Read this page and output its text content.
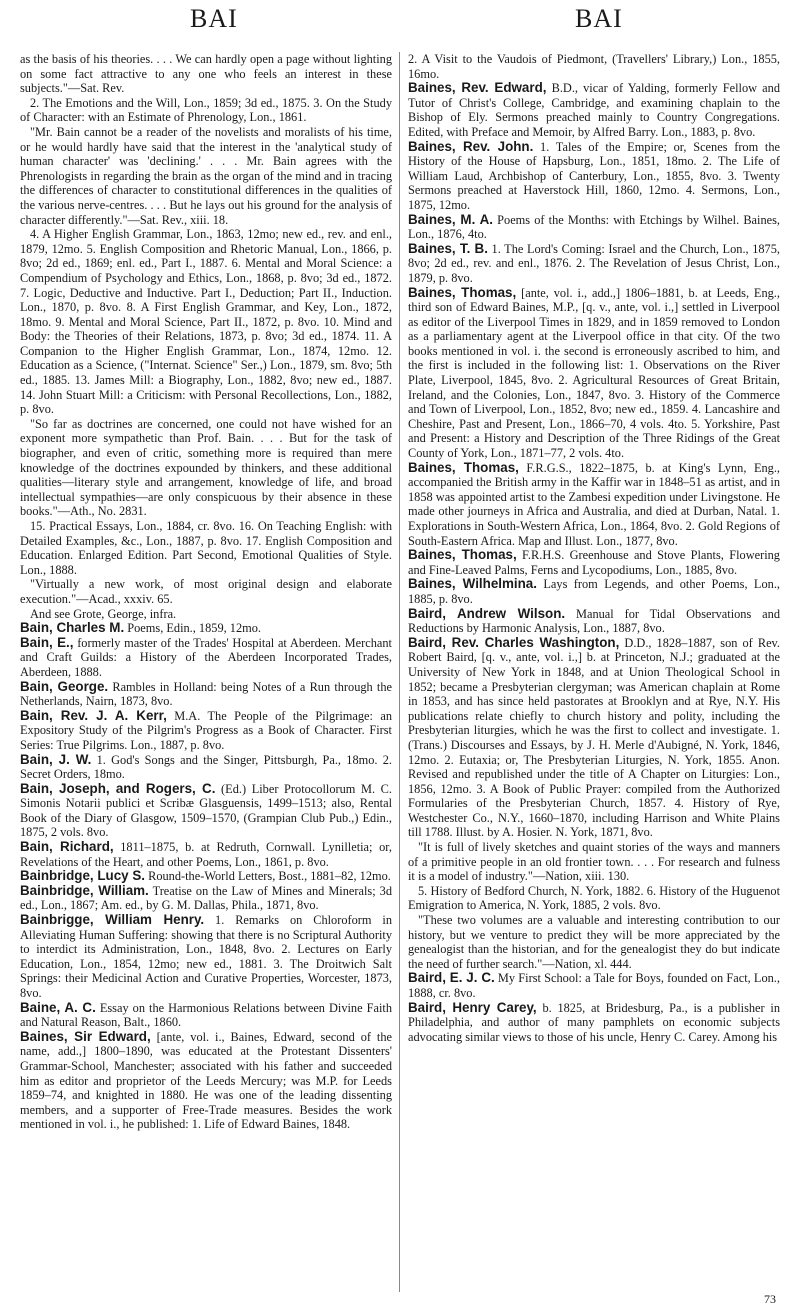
BAI	BAI

as the basis of his theories. . . . We can hardly open a page without lighting on some fact attractive to any one who feels an interest in these subjects."—Sat. Rev.

2. The Emotions and the Will, Lon., 1859; 3d ed., 1875. 3. On the Study of Character: with an Estimate of Phrenology, Lon., 1861.

"Mr. Bain cannot be a reader of the novelists and moralists of his time, or he would hardly have said that the interest in the 'analytical study of human character' was 'declining.' . . . Mr. Bain agrees with the Phrenologists in regarding the brain as the organ of the mind and in tracing the differences of character to constitutional differences in the qualities of the various nerve-centres. . . . But he lays out his ground for the analysis of character differently."—Sat. Rev., xiii. 18.

4. A Higher English Grammar, Lon., 1863, 12mo; new ed., rev. and enl., 1879, 12mo. 5. English Composition and Rhetoric Manual, Lon., 1866, p. 8vo; 2d ed., 1869; enl. ed., Part I., 1887. 6. Mental and Moral Science: a Compendium of Psychology and Ethics, Lon., 1868, p. 8vo; 3d ed., 1872. 7. Logic, Deductive and Inductive. Part I., Deduction; Part II., Induction. Lon., 1870, p. 8vo. 8. A First English Grammar, and Key, Lon., 1872, 18mo. 9. Mental and Moral Science, Part II., 1872, p. 8vo. 10. Mind and Body: the Theories of their Relations, 1873, p. 8vo; 3d ed., 1874. 11. A Companion to the Higher English Grammar, Lon., 1874, 12mo. 12. Education as a Science, ("Internat. Science" Ser.,) Lon., 1879, sm. 8vo; 5th ed., 1885. 13. James Mill: a Biography, Lon., 1882, 8vo; new ed., 1887. 14. John Stuart Mill: a Criticism: with Personal Recollections, Lon., 1882, p. 8vo.

"So far as doctrines are concerned, one could not have wished for an exponent more sympathetic than Prof. Bain. . . . But for the task of biographer, and even of critic, something more is required than mere knowledge of the doctrines expounded by thinkers, and these additional qualities—literary style and arrangement, knowledge of life, and broad intellectual sympathies—are only conspicuous by their absence in these books."—Ath., No. 2831.

15. Practical Essays, Lon., 1884, cr. 8vo. 16. On Teaching English: with Detailed Examples, &c., Lon., 1887, p. 8vo. 17. English Composition and Education. Enlarged Edition. Part Second, Emotional Qualities of Style. Lon., 1888.

"Virtually a new work, of most original design and elaborate execution."—Acad., xxxiv. 65.

And see Grote, George, infra.

Bain, Charles M. Poems, Edin., 1859, 12mo.

Bain, E., formerly master of the Trades' Hospital at Aberdeen. Merchant and Craft Guilds: a History of the Aberdeen Incorporated Trades, Aberdeen, 1888.

Bain, George. Rambles in Holland: being Notes of a Run through the Netherlands, Nairn, 1873, 8vo.

Bain, Rev. J. A. Kerr, M.A. The People of the Pilgrimage: an Expository Study of the Pilgrim's Progress as a Book of Character. First Series: True Pilgrims. Lon., 1887, p. 8vo.

Bain, J. W. 1. God's Songs and the Singer, Pittsburgh, Pa., 18mo. 2. Secret Orders, 18mo.

Bain, Joseph, and Rogers, C. (Ed.) Liber Protocollorum M. C. Simonis Notarii publici et Scribæ Glasguensis, 1499–1513; also, Rental Book of the Diary of Glasgow, 1509–1570, (Grampian Club Pub.,) Edin., 1875, 2 vols. 8vo.

Bain, Richard, 1811–1875, b. at Redruth, Cornwall. Lynilletia; or, Revelations of the Heart, and other Poems, Lon., 1861, p. 8vo.

Bainbridge, Lucy S. Round-the-World Letters, Bost., 1881–82, 12mo.

Bainbridge, William. Treatise on the Law of Mines and Minerals; 3d ed., Lon., 1867; Am. ed., by G. M. Dallas, Phila., 1871, 8vo.

Bainbrigge, William Henry. 1. Remarks on Chloroform in Alleviating Human Suffering: showing that there is no Scriptural Authority to interdict its Administration, Lon., 1848, 8vo. 2. Lectures on Early Education, Lon., 1854, 12mo; new ed., 1881. 3. The Droitwich Salt Springs: their Medicinal Action and Curative Properties, Worcester, 1873, 8vo.

Baine, A. C. Essay on the Harmonious Relations between Divine Faith and Natural Reason, Balt., 1860.

Baines, Sir Edward, [ante, vol. i., Baines, Edward, second of the name, add.,] 1800–1890, was educated at the Protestant Dissenters' Grammar-School, Manchester; associated with his father and succeeded him as editor and proprietor of the Leeds Mercury; was M.P. for Leeds 1859–74, and knighted in 1880. He was one of the leading dissenting members, and a supporter of Free-Trade measures. Besides the work mentioned in vol. i., he published: 1. Life of Edward Baines, 1848.

2. A Visit to the Vaudois of Piedmont, (Travellers' Library,) Lon., 1855, 16mo.

Baines, Rev. Edward, B.D., vicar of Yalding, formerly Fellow and Tutor of Christ's College, Cambridge, and examining chaplain to the Bishop of Ely. Sermons preached mainly to Country Congregations. Edited, with Preface and Memoir, by Alfred Barry. Lon., 1883, p. 8vo.

Baines, Rev. John. 1. Tales of the Empire; or, Scenes from the History of the House of Hapsburg, Lon., 1851, 18mo. 2. The Life of William Laud, Archbishop of Canterbury, Lon., 1855, 8vo. 3. Twenty Sermons preached at Haverstock Hill, 1860, 12mo. 4. Sermons, Lon., 1875, 12mo.

Baines, M. A. Poems of the Months: with Etchings by Wilhel. Baines, Lon., 1876, 4to.

Baines, T. B. 1. The Lord's Coming: Israel and the Church, Lon., 1875, 8vo; 2d ed., rev. and enl., 1876. 2. The Revelation of Jesus Christ, Lon., 1879, p. 8vo.

Baines, Thomas, [ante, vol. i., add.,] 1806–1881, b. at Leeds, Eng., third son of Edward Baines, M.P., [q. v., ante, vol. i.,] settled in Liverpool as editor of the Liverpool Times in 1829, and in 1859 removed to London as a parliamentary agent at the Liverpool office in that city. Of the two books mentioned in vol. i. the second is erroneously ascribed to him, and the first is included in the following list: 1. Observations on the River Plate, Liverpool, 1845, 8vo. 2. Agricultural Resources of Great Britain, Ireland, and the Colonies, Lon., 1847, 8vo. 3. History of the Commerce and Town of Liverpool, Lon., 1852, 8vo; new ed., 1859. 4. Lancashire and Cheshire, Past and Present, Lon., 1866–70, 4 vols. 4to. 5. Yorkshire, Past and Present: a History and Description of the Three Ridings of the Great County of York, Lon., 1871–77, 2 vols. 4to.

Baines, Thomas, F.R.G.S., 1822–1875, b. at King's Lynn, Eng., accompanied the British army in the Kaffir war in 1848–51 as artist, and in 1858 was appointed artist to the Zambesi expedition under Livingstone. He made other journeys in Africa and Australia, and died at Durban, Natal. 1. Explorations in South-Western Africa, Lon., 1864, 8vo. 2. Gold Regions of South-Eastern Africa. Map and Illust. Lon., 1877, 8vo.

Baines, Thomas, F.R.H.S. Greenhouse and Stove Plants, Flowering and Fine-Leaved Palms, Ferns and Lycopodiums, Lon., 1885, 8vo.

Baines, Wilhelmina. Lays from Legends, and other Poems, Lon., 1885, p. 8vo.

Baird, Andrew Wilson. Manual for Tidal Observations and Reductions by Harmonic Analysis, Lon., 1887, 8vo.

Baird, Rev. Charles Washington, D.D., 1828–1887, son of Rev. Robert Baird, [q. v., ante, vol. i.,] b. at Princeton, N.J.; graduated at the University of New York in 1848, and at Union Theological School in 1852; became a Presbyterian clergyman; was American chaplain at Rome in 1853, and has since held pastorates at Brooklyn and at Rye, N.Y. His publications relate chiefly to church history and polity, including the Presbyterian liturgies, which he was the first to collect and investigate. 1. (Trans.) Discourses and Essays, by J. H. Merle d'Aubigné, N. York, 1846, 12mo. 2. Eutaxia; or, The Presbyterian Liturgies, N. York, 1855. Anon. Revised and republished under the title of A Chapter on Liturgies: Lon., 1856, 12mo. 3. A Book of Public Prayer: compiled from the Authorized Formularies of the Presbyterian Church, 1857. 4. History of Rye, Westchester Co., N.Y., 1660–1870, including Harrison and White Plains till 1788. Illust. by A. Hosier. N. York, 1871, 8vo.

"It is full of lively sketches and quaint stories of the ways and manners of a primitive people in an old frontier town. . . . For research and fulness it is a model of industry."—Nation, xiii. 130.

5. History of Bedford Church, N. York, 1882. 6. History of the Huguenot Emigration to America, N. York, 1885, 2 vols. 8vo.

"These two volumes are a valuable and interesting contribution to our history, but we venture to predict they will be more appreciated by the genealogist than the historian, and for the genealogist they do but indicate the need of further search."—Nation, xl. 444.

Baird, E. J. C. My First School: a Tale for Boys, founded on Fact, Lon., 1888, cr. 8vo.

Baird, Henry Carey, b. 1825, at Bridesburg, Pa., is a publisher in Philadelphia, and author of many pamphlets on economic subjects advocating similar views to those of his uncle, Henry C. Carey. Among his

73
